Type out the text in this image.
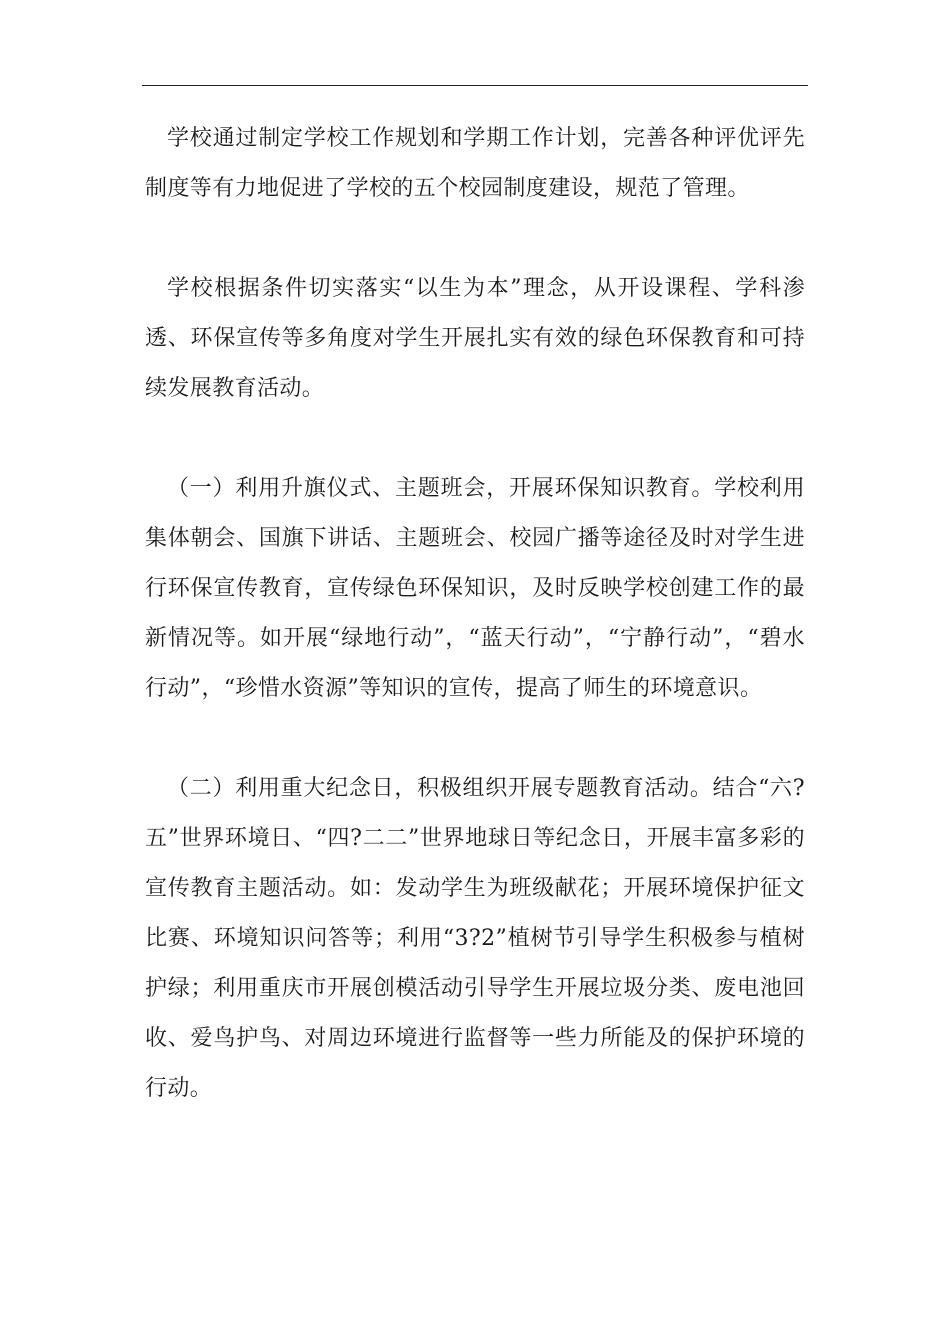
学校通过制定学校工作规划和学期工作计划，完善各种评优评先制度等有力地促进了学校的五个校园制度建设，规范了管理。

学校根据条件切实落实“以生为本”理念，从开设课程、学科渗透、环保宣传等多角度对学生开展扎实有效的绿色环保教育和可持续发展教育活动。

（一）利用升旗仪式、主题班会，开展环保知识教育。学校利用集体朝会、国旗下讲话、主题班会、校园广播等途径及时对学生进行环保宣传教育，宣传绿色环保知识，及时反映学校创建工作的最新情况等。如开展“绿地行动”，“蓝天行动”，“宁静行动”，“碧水行动”，“珍惜水资源”等知识的宣传，提高了师生的环境意识。

（二）利用重大纪念日，积极组织开展专题教育活动。结合“六?五”世界环境日、“四?二二”世界地球日等纪念日，开展丰富多彩的宣传教育主题活动。如：发动学生为班级献花；开展环境保护征文比赛、环境知识问答等；利用“3?2”植树节引导学生积极参与植树护绿；利用重庆市开展创模活动引导学生开展垃圾分类、废电池回收、爱鸟护鸟、对周边环境进行监督等一些力所能及的保护环境的行动。
